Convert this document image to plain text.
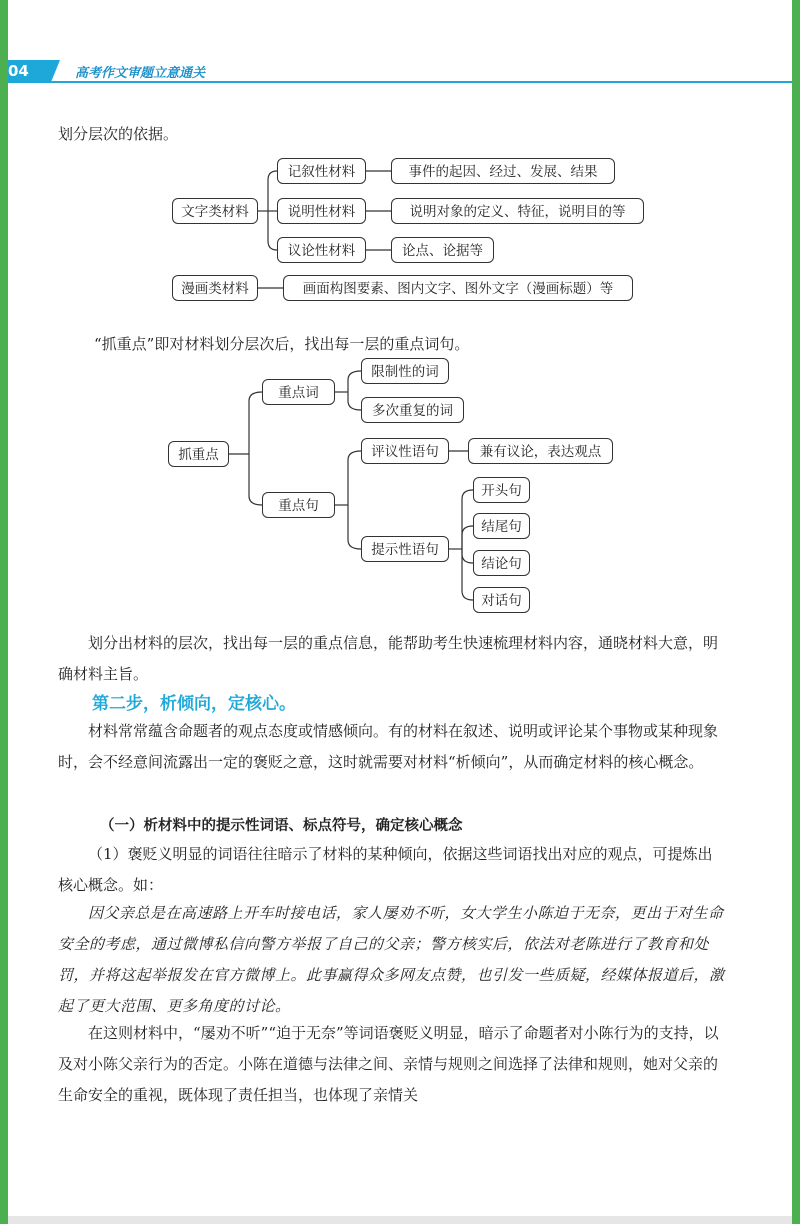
04	高考作文审题立意通关
划分层次的依据。
文字类材料
记叙性材料
说明性材料
议论性材料
事件的起因、经过、发展、结果
说明对象的定义、特征，说明目的等
论点、论据等
漫画类材料	画面构图要素、图内文字、图外文字（漫画标题）等
“抓重点”即对材料划分层次后，找出每一层的重点词句。
抓重点
重点词
重点句
限制性的词
多次重复的词
评议性语句	兼有议论，表达观点
提示性语句
开头句
结尾句
结论句
对话句
划分出材料的层次，找出每一层的重点信息，能帮助考生快速梳理材料内容，通晓材料大意，明确材料主旨。
第二步，析倾向，定核心。
材料常常蕴含命题者的观点态度或情感倾向。有的材料在叙述、说明或评论某个事物或某种现象时，会不经意间流露出一定的褒贬之意，这时就需要对材料“析倾向”，从而确定材料的核心概念。
（一）析材料中的提示性词语、标点符号，确定核心概念
（1）褒贬义明显的词语往往暗示了材料的某种倾向，依据这些词语找出对应的观点，可提炼出核心概念。如：
因父亲总是在高速路上开车时接电话，家人屡劝不听，女大学生小陈迫于无奈，更出于对生命安全的考虑，通过微博私信向警方举报了自己的父亲；警方核实后，依法对老陈进行了教育和处罚，并将这起举报发在官方微博上。此事赢得众多网友点赞，也引发一些质疑，经媒体报道后，激起了更大范围、更多角度的讨论。
在这则材料中，“屡劝不听”“迫于无奈”等词语褒贬义明显，暗示了命题者对小陈行为的支持，以及对小陈父亲行为的否定。小陈在道德与法律之间、亲情与规则之间选择了法律和规则，她对父亲的生命安全的重视，既体现了责任担当，也体现了亲情关
